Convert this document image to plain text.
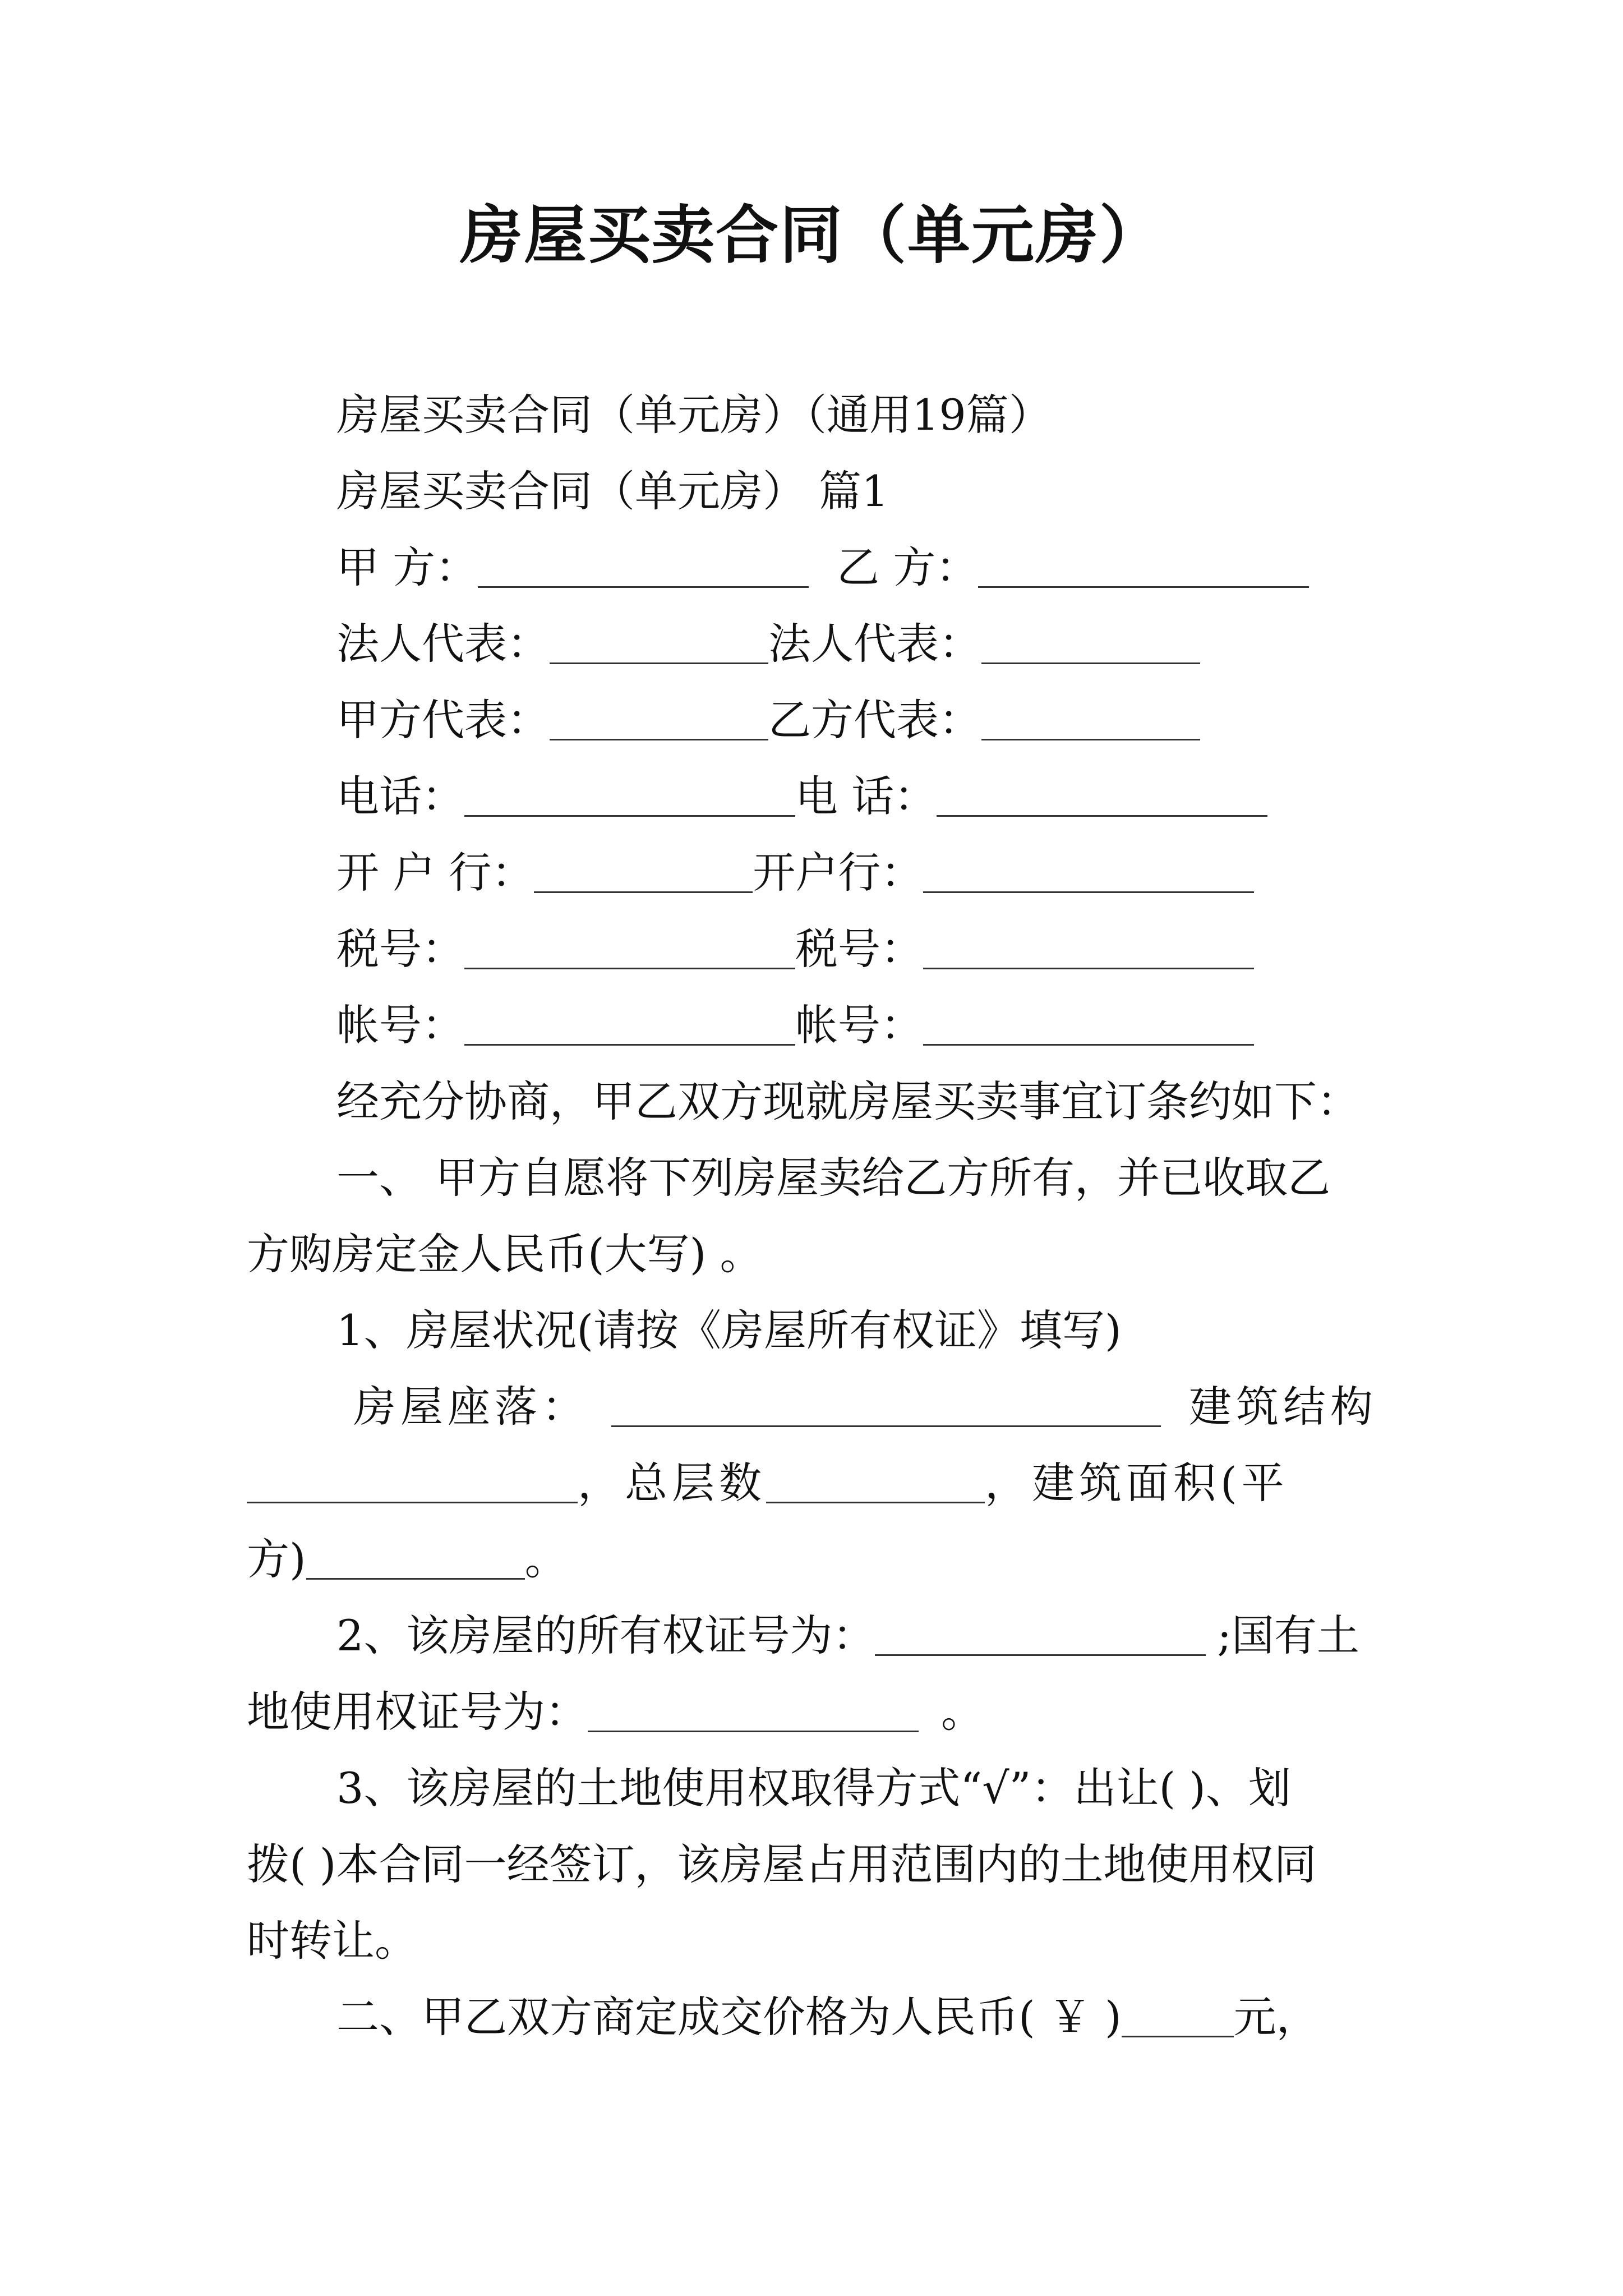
房屋买卖合同（单元房）
房屋买卖合同（单元房）（通用19篇）
房屋买卖合同（单元房） 篇1
甲 方：	乙 方：
法人代表：	法人代表：
甲方代表：	乙方代表：
电话：	电 话：
开 户 行：	开户行：
税号：	税号：
帐号：	帐号：
经充分协商，甲乙双方现就房屋买卖事宜订条约如下：
一、 甲方自愿将下列房屋卖给乙方所有，并已收取乙
方购房定金人民币(大写) 。
1、房屋状况(请按《房屋所有权证》填写)
房屋座落：	建筑结构
，总层数	，建筑面积(平
方)	。
2、该房屋的所有权证号为：	;国有土
地使用权证号为：	。
3、该房屋的土地使用权取得方式“√”：出让( )、划
拨( )本合同一经签订，该房屋占用范围内的土地使用权同
时转让。
二、甲乙双方商定成交价格为人民币( ￥ )	元，
